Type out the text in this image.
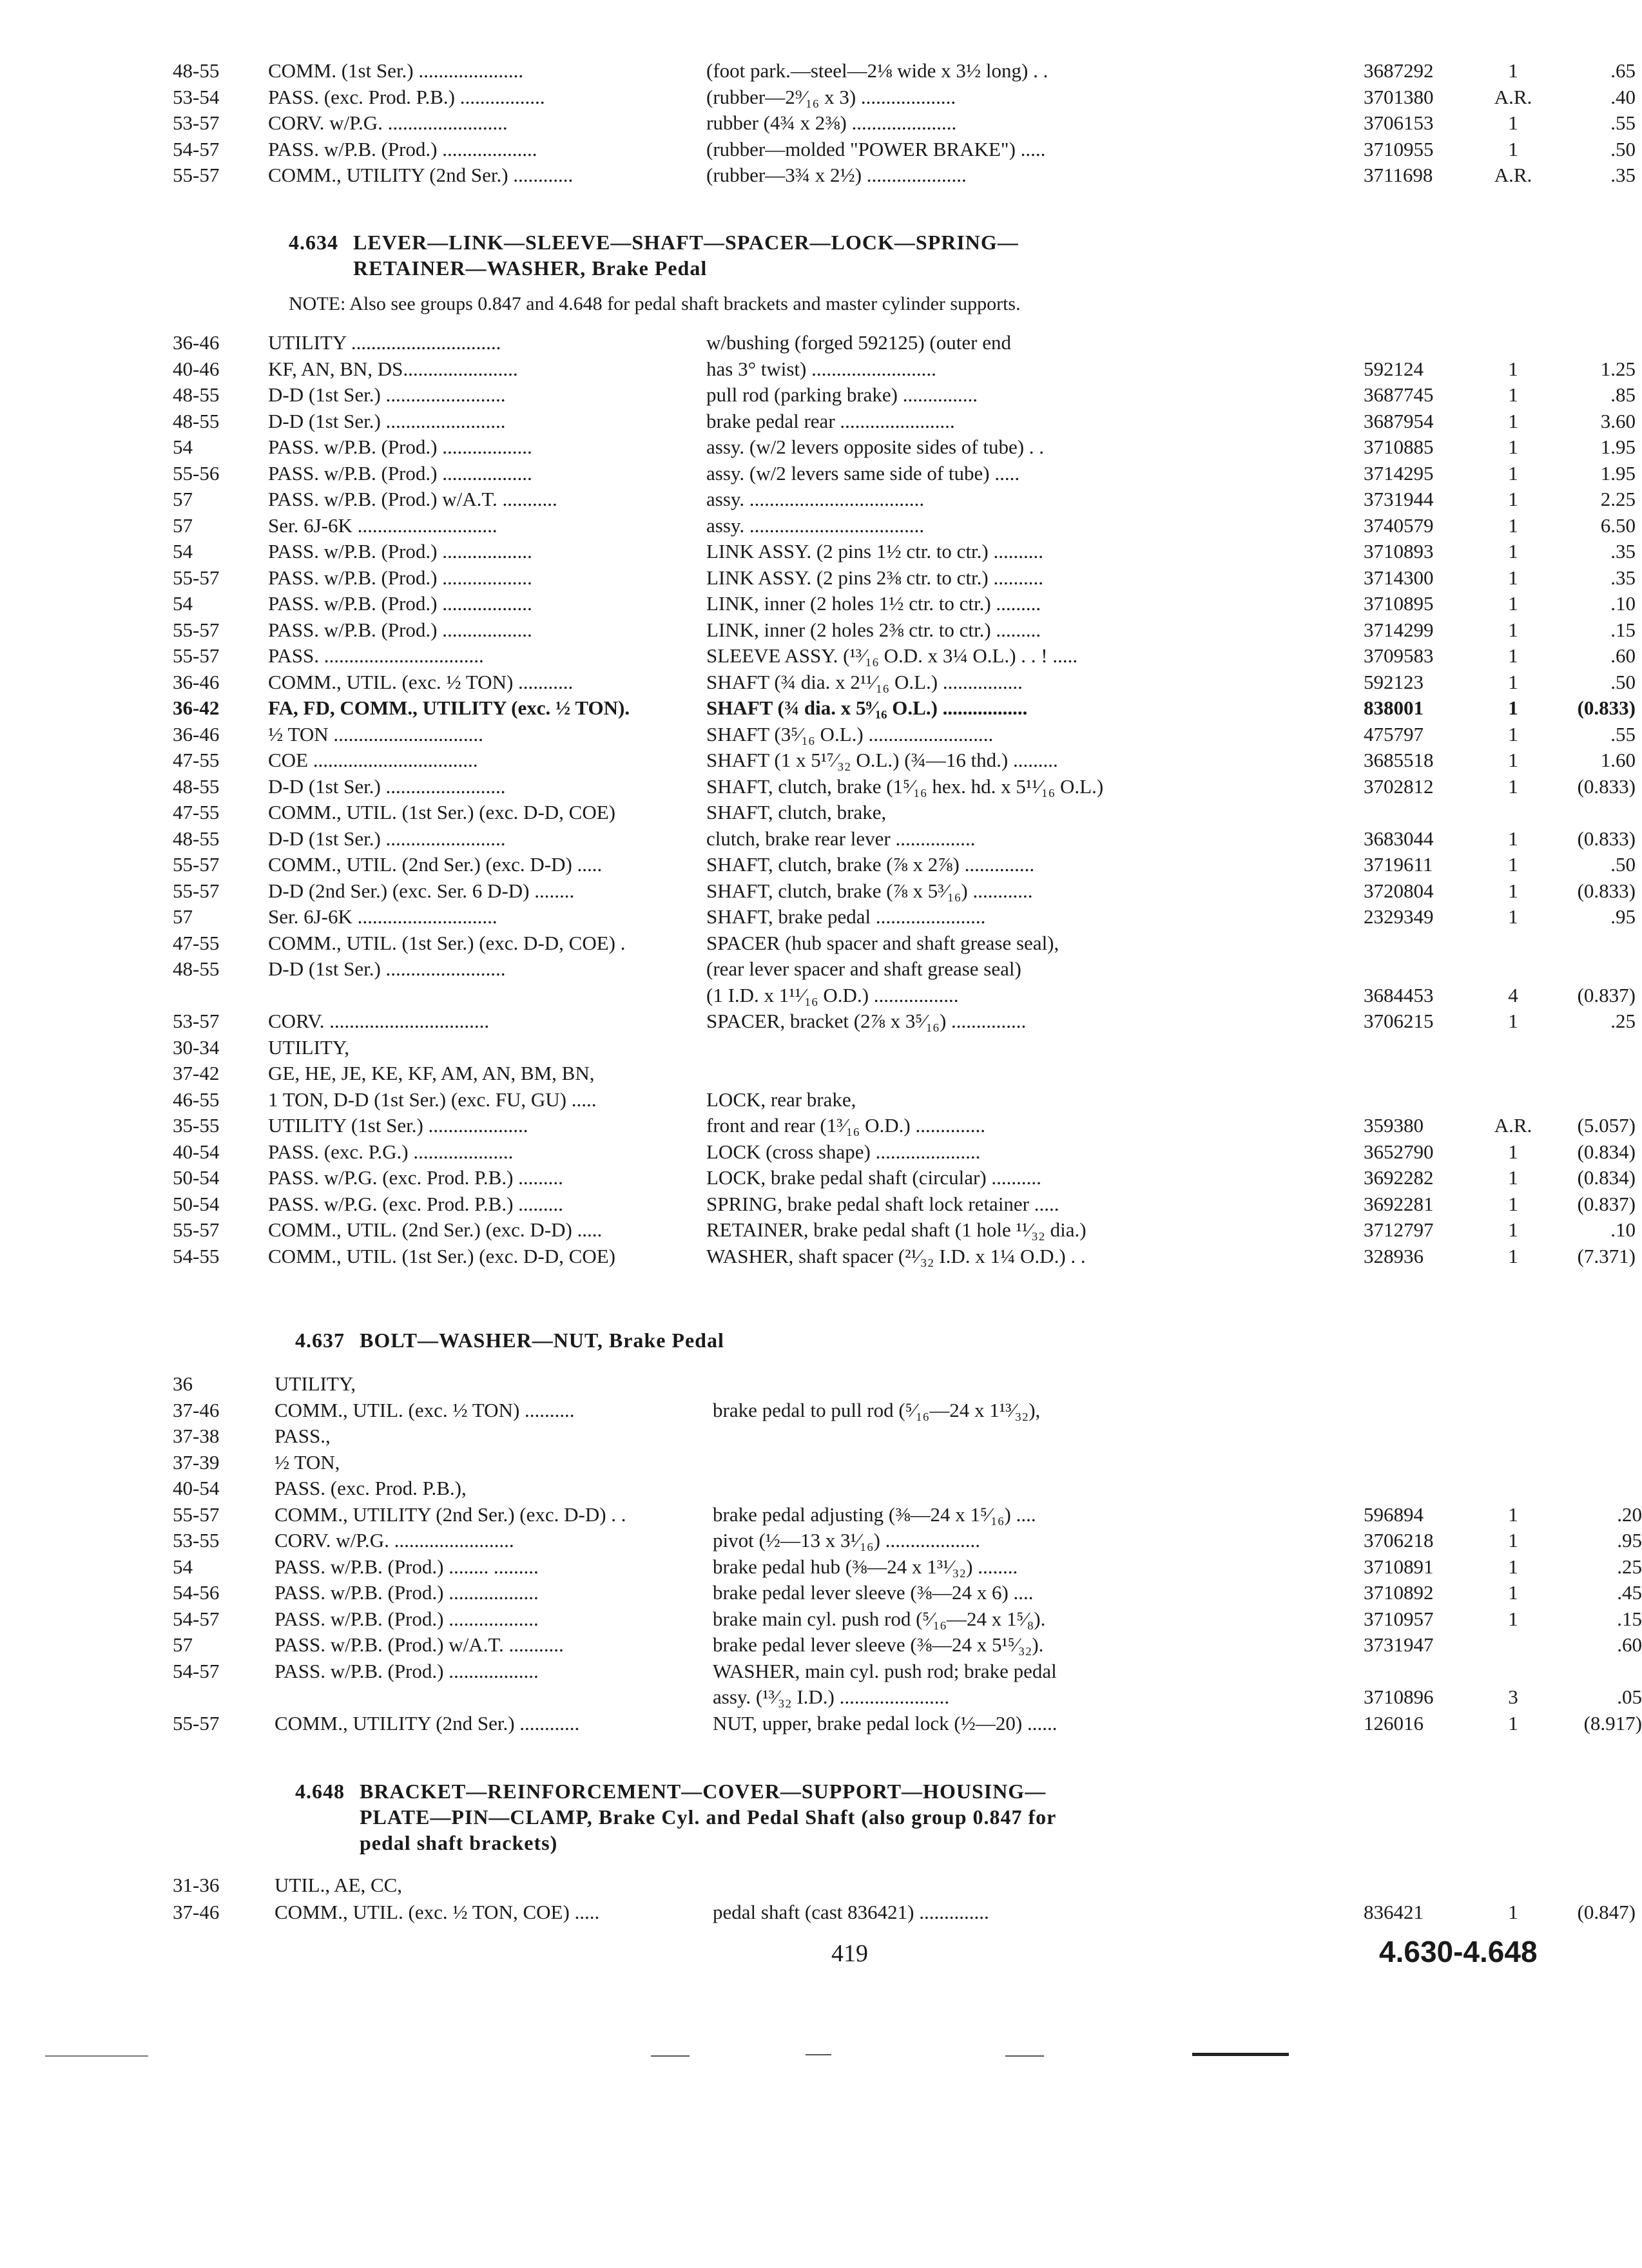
48-55	COMM. (1st Ser.) .....................	(foot park.—steel—2⅛ wide x 3½ long) . .	3687292	1	.65
53-54	PASS. (exc. Prod. P.B.) .................	(rubber—2⁹⁄₁₆ x 3) ...................	3701380	A.R.	.40
53-57	CORV. w/P.G. ........................	rubber (4¾ x 2⅜) .....................	3706153	1	.55
54-57	PASS. w/P.B. (Prod.) ...................	(rubber—molded "POWER BRAKE") .....	3710955	1	.50
55-57	COMM., UTILITY (2nd Ser.) ............	(rubber—3¾ x 2½) ....................	3711698	A.R.	.35
4.634 LEVER—LINK—SLEEVE—SHAFT—SPACER—LOCK—SPRING—
RETAINER—WASHER, Brake Pedal
NOTE: Also see groups 0.847 and 4.648 for pedal shaft brackets and master cylinder supports.
36-46	UTILITY ..............................	w/bushing (forged 592125) (outer end
40-46	KF, AN, BN, DS.......................	has 3° twist) .........................	592124	1	1.25
48-55	D-D (1st Ser.) ........................	pull rod (parking brake) ...............	3687745	1	.85
48-55	D-D (1st Ser.) ........................	brake pedal rear .......................	3687954	1	3.60
54	PASS. w/P.B. (Prod.) ..................	assy. (w/2 levers opposite sides of tube) . .	3710885	1	1.95
55-56	PASS. w/P.B. (Prod.) ..................	assy. (w/2 levers same side of tube) .....	3714295	1	1.95
57	PASS. w/P.B. (Prod.) w/A.T. ...........	assy. ...................................	3731944	1	2.25
57	Ser. 6J-6K ............................	assy. ...................................	3740579	1	6.50
54	PASS. w/P.B. (Prod.) ..................	LINK ASSY. (2 pins 1½ ctr. to ctr.) ..........	3710893	1	.35
55-57	PASS. w/P.B. (Prod.) ..................	LINK ASSY. (2 pins 2⅜ ctr. to ctr.) ..........	3714300	1	.35
54	PASS. w/P.B. (Prod.) ..................	LINK, inner (2 holes 1½ ctr. to ctr.) .........	3710895	1	.10
55-57	PASS. w/P.B. (Prod.) ..................	LINK, inner (2 holes 2⅜ ctr. to ctr.) .........	3714299	1	.15
55-57	PASS. ................................	SLEEVE ASSY. (¹³⁄₁₆ O.D. x 3¼ O.L.) . . ! .....	3709583	1	.60
36-46	COMM., UTIL. (exc. ½ TON) ...........	SHAFT (¾ dia. x 2¹¹⁄₁₆ O.L.) ................	592123	1	.50
36-42	FA, FD, COMM., UTILITY (exc. ½ TON).	SHAFT (¾ dia. x 5⁹⁄₁₆ O.L.) .................	838001	1	(0.833)
36-46	½ TON ..............................	SHAFT (3⁵⁄₁₆ O.L.) .........................	475797	1	.55
47-55	COE .................................	SHAFT (1 x 5¹⁷⁄₃₂ O.L.) (¾—16 thd.) .........	3685518	1	1.60
48-55	D-D (1st Ser.) ........................	SHAFT, clutch, brake (1⁵⁄₁₆ hex. hd. x 5¹¹⁄₁₆ O.L.)	3702812	1	(0.833)
47-55	COMM., UTIL. (1st Ser.) (exc. D-D, COE)	SHAFT, clutch, brake,
48-55	D-D (1st Ser.) ........................	clutch, brake rear lever ................	3683044	1	(0.833)
55-57	COMM., UTIL. (2nd Ser.) (exc. D-D) .....	SHAFT, clutch, brake (⅞ x 2⅞) ..............	3719611	1	.50
55-57	D-D (2nd Ser.) (exc. Ser. 6 D-D) ........	SHAFT, clutch, brake (⅞ x 5³⁄₁₆) ............	3720804	1	(0.833)
57	Ser. 6J-6K ............................	SHAFT, brake pedal ......................	2329349	1	.95
47-55	COMM., UTIL. (1st Ser.) (exc. D-D, COE) .	SPACER (hub spacer and shaft grease seal),
48-55	D-D (1st Ser.) ........................	(rear lever spacer and shaft grease seal)
(1 I.D. x 1¹¹⁄₁₆ O.D.) .................	3684453	4	(0.837)
53-57	CORV. ................................	SPACER, bracket (2⅞ x 3⁵⁄₁₆) ...............	3706215	1	.25
30-34	UTILITY,
37-42	GE, HE, JE, KE, KF, AM, AN, BM, BN,
46-55	1 TON, D-D (1st Ser.) (exc. FU, GU) .....	LOCK, rear brake,
35-55	UTILITY (1st Ser.) ....................	front and rear (1³⁄₁₆ O.D.) ..............	359380	A.R.	(5.057)
40-54	PASS. (exc. P.G.) ....................	LOCK (cross shape) .....................	3652790	1	(0.834)
50-54	PASS. w/P.G. (exc. Prod. P.B.) .........	LOCK, brake pedal shaft (circular) ..........	3692282	1	(0.834)
50-54	PASS. w/P.G. (exc. Prod. P.B.) .........	SPRING, brake pedal shaft lock retainer .....	3692281	1	(0.837)
55-57	COMM., UTIL. (2nd Ser.) (exc. D-D) .....	RETAINER, brake pedal shaft (1 hole ¹¹⁄₃₂ dia.)	3712797	1	.10
54-55	COMM., UTIL. (1st Ser.) (exc. D-D, COE)	WASHER, shaft spacer (²¹⁄₃₂ I.D. x 1¼ O.D.) . .	328936	1	(7.371)
4.637 BOLT—WASHER—NUT, Brake Pedal
36	UTILITY,
37-46	COMM., UTIL. (exc. ½ TON) ..........	brake pedal to pull rod (⁵⁄₁₆—24 x 1¹³⁄₃₂),
37-38	PASS.,
37-39	½ TON,
40-54	PASS. (exc. Prod. P.B.),
55-57	COMM., UTILITY (2nd Ser.) (exc. D-D) . .	brake pedal adjusting (⅜—24 x 1⁵⁄₁₆) ....	596894	1	.20
53-55	CORV. w/P.G. ........................	pivot (½—13 x 3¹⁄₁₆) ...................	3706218	1	.95
54	PASS. w/P.B. (Prod.) ........ .........	brake pedal hub (⅜—24 x 1³¹⁄₃₂) ........	3710891	1	.25
54-56	PASS. w/P.B. (Prod.) ..................	brake pedal lever sleeve (⅜—24 x 6) ....	3710892	1	.45
54-57	PASS. w/P.B. (Prod.) ..................	brake main cyl. push rod (⁵⁄₁₆—24 x 1⁵⁄₈).	3710957	1	.15
57	PASS. w/P.B. (Prod.) w/A.T. ...........	brake pedal lever sleeve (⅜—24 x 5¹⁵⁄₃₂).	3731947	.60
54-57	PASS. w/P.B. (Prod.) ..................	WASHER, main cyl. push rod; brake pedal
assy. (¹³⁄₃₂ I.D.) ......................	3710896	3	.05
55-57	COMM., UTILITY (2nd Ser.) ............	NUT, upper, brake pedal lock (½—20) ......	126016	1	(8.917)
4.648 BRACKET—REINFORCEMENT—COVER—SUPPORT—HOUSING—
PLATE—PIN—CLAMP, Brake Cyl. and Pedal Shaft (also group 0.847 for
pedal shaft brackets)
31-36	UTIL., AE, CC,
37-46	COMM., UTIL. (exc. ½ TON, COE) .....	pedal shaft (cast 836421) ..............	836421	1	(0.847)
419	4.630-4.648
